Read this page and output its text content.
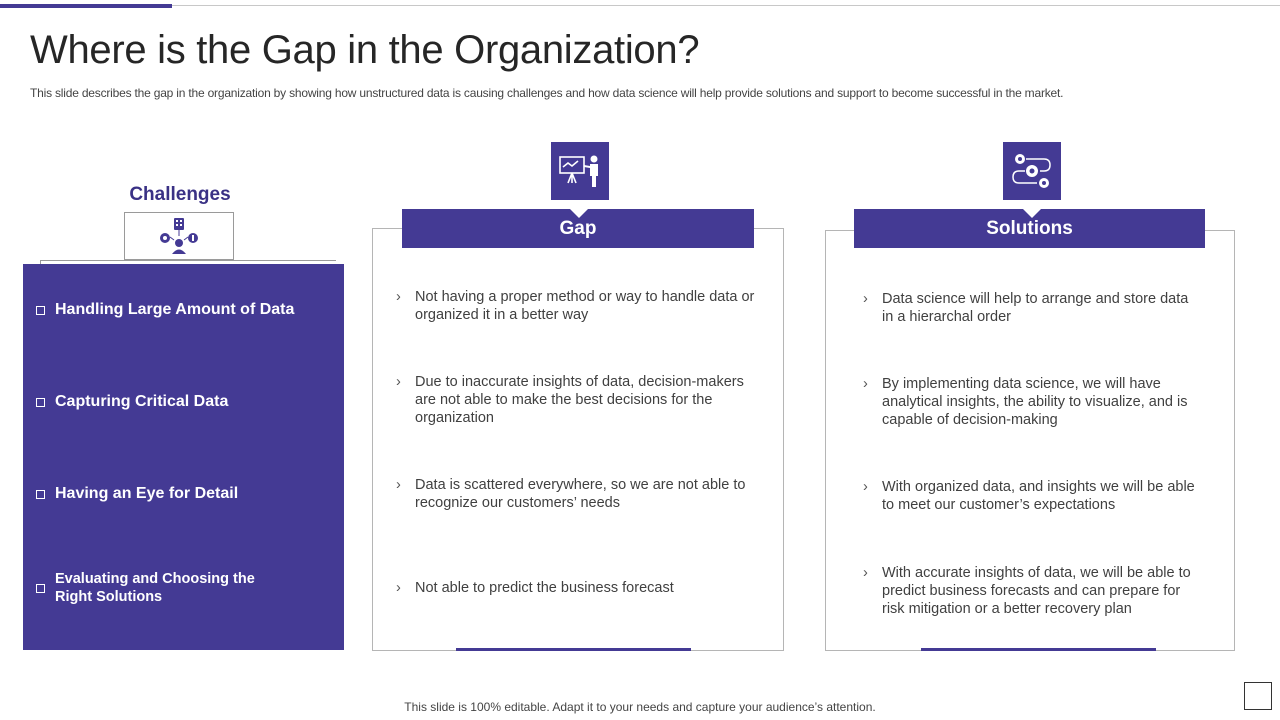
Where is the Gap in the Organization?

This slide describes the gap in the organization by showing how unstructured data is causing challenges and how data science will help provide solutions and support to become successful in the market.

Challenges
Handling Large Amount of Data
Capturing Critical Data
Having an Eye for Detail
Evaluating and Choosing the Right Solutions
Gap
› Not having a proper method or way to handle data or organized it in a better way
› Due to inaccurate insights of data, decision-makers are not able to make the best decisions for the organization
› Data is scattered everywhere, so we are not able to recognize our customers’ needs
› Not able to predict the business forecast
Solutions
› Data science will help to arrange and store data in a hierarchal order
› By implementing data science, we will have analytical insights, the ability to visualize, and is capable of decision-making
› With organized data, and insights we will be able to meet our customer’s expectations
› With accurate insights of data, we will be able to predict business forecasts and can prepare for risk mitigation or a better recovery plan

This slide is 100% editable. Adapt it to your needs and capture your audience’s attention.
